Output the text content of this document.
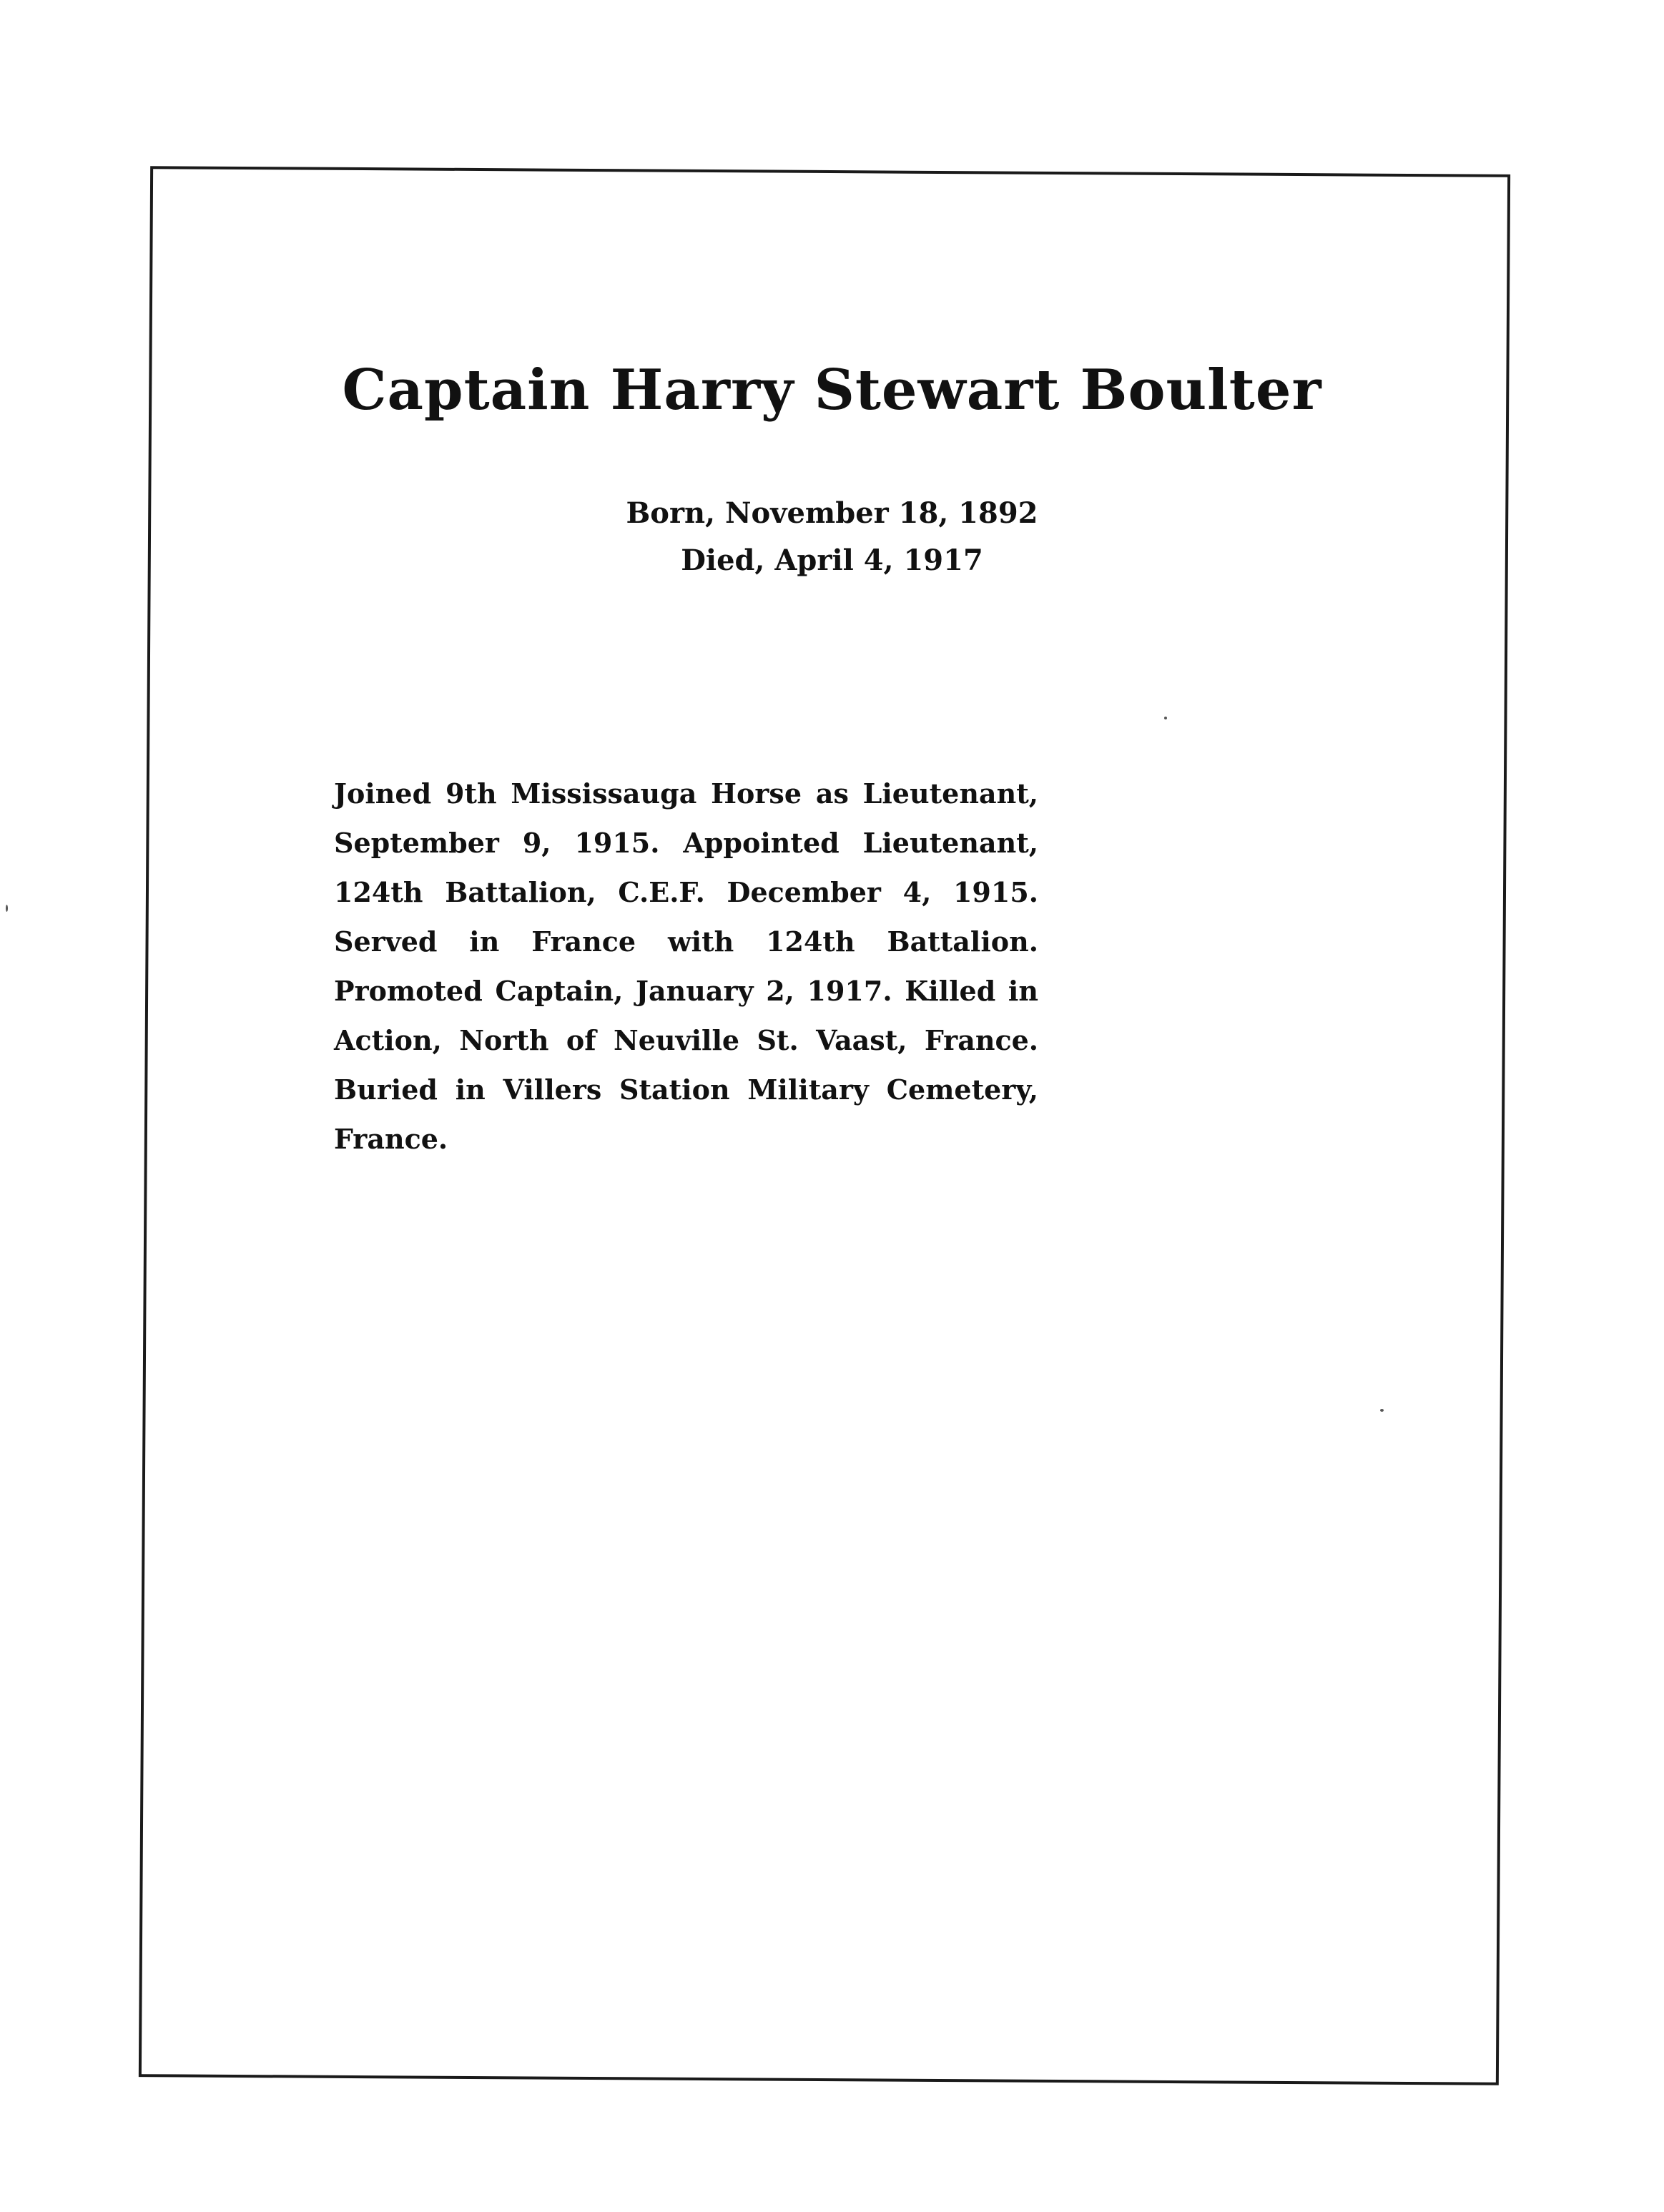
Captain Harry Stewart Boulter
Born, November 18, 1892
Died, April 4, 1917
Joined 9th Mississauga Horse as Lieutenant, September 9, 1915. Appointed Lieutenant, 124th Battalion, C.E.F. December 4, 1915. Served in France with 124th Battalion. Promoted Captain, January 2, 1917. Killed in Action, North of Neuville St. Vaast, France. Buried in Villers Station Military Cemetery, France.
